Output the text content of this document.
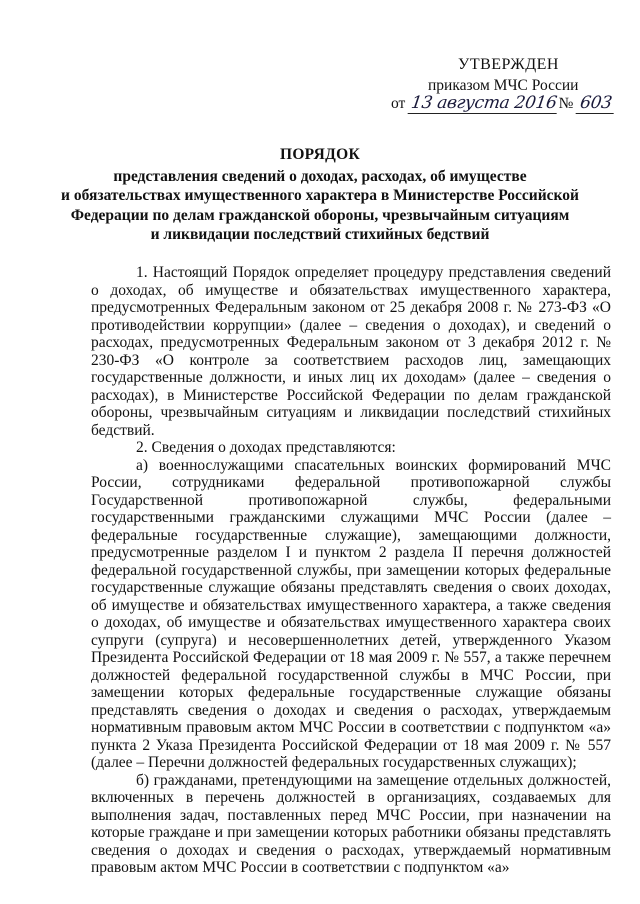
УТВЕРЖДЕН
приказом МЧС России
от 13 августа 2016№ 603
ПОРЯДОК
представления сведений о доходах, расходах, об имуществе
и обязательствах имущественного характера в Министерстве Российской
Федерации по делам гражданской обороны, чрезвычайным ситуациям
и ликвидации последствий стихийных бедствий

1. Настоящий Порядок определяет процедуру представления сведений о доходах, об имуществе и обязательствах имущественного характера, предусмотренных Федеральным законом от 25 декабря 2008 г. № 273-ФЗ «О противодействии коррупции» (далее – сведения о доходах), и сведений о расходах, предусмотренных Федеральным законом от 3 декабря 2012 г. № 230-ФЗ «О контроле за соответствием расходов лиц, замещающих государственные должности, и иных лиц их доходам» (далее – сведения о расходах), в Министерстве Российской Федерации по делам гражданской обороны, чрезвычайным ситуациям и ликвидации последствий стихийных бедствий.

2. Сведения о доходах представляются:

а) военнослужащими спасательных воинских формирований МЧС России, сотрудниками федеральной противопожарной службы Государственной противопожарной службы, федеральными государственными гражданскими служащими МЧС России (далее – федеральные государственные служащие), замещающими должности, предусмотренные разделом I и пунктом 2 раздела II перечня должностей федеральной государственной службы, при замещении которых федеральные государственные служащие обязаны представлять сведения о своих доходах, об имуществе и обязательствах имущественного характера, а также сведения о доходах, об имуществе и обязательствах имущественного характера своих супруги (супруга) и несовершеннолетних детей, утвержденного Указом Президента Российской Федерации от 18 мая 2009 г. № 557, а также перечнем должностей федеральной государственной службы в МЧС России, при замещении которых федеральные государственные служащие обязаны представлять сведения о доходах и сведения о расходах, утверждаемым нормативным правовым актом МЧС России в соответствии с подпунктом «а» пункта 2 Указа Президента Российской Федерации от 18 мая 2009 г. № 557 (далее – Перечни должностей федеральных государственных служащих);

б) гражданами, претендующими на замещение отдельных должностей, включенных в перечень должностей в организациях, создаваемых для выполнения задач, поставленных перед МЧС России, при назначении на которые граждане и при замещении которых работники обязаны представлять сведения о доходах и сведения о расходах, утверждаемый нормативным правовым актом МЧС России в соответствии с подпунктом «а»
